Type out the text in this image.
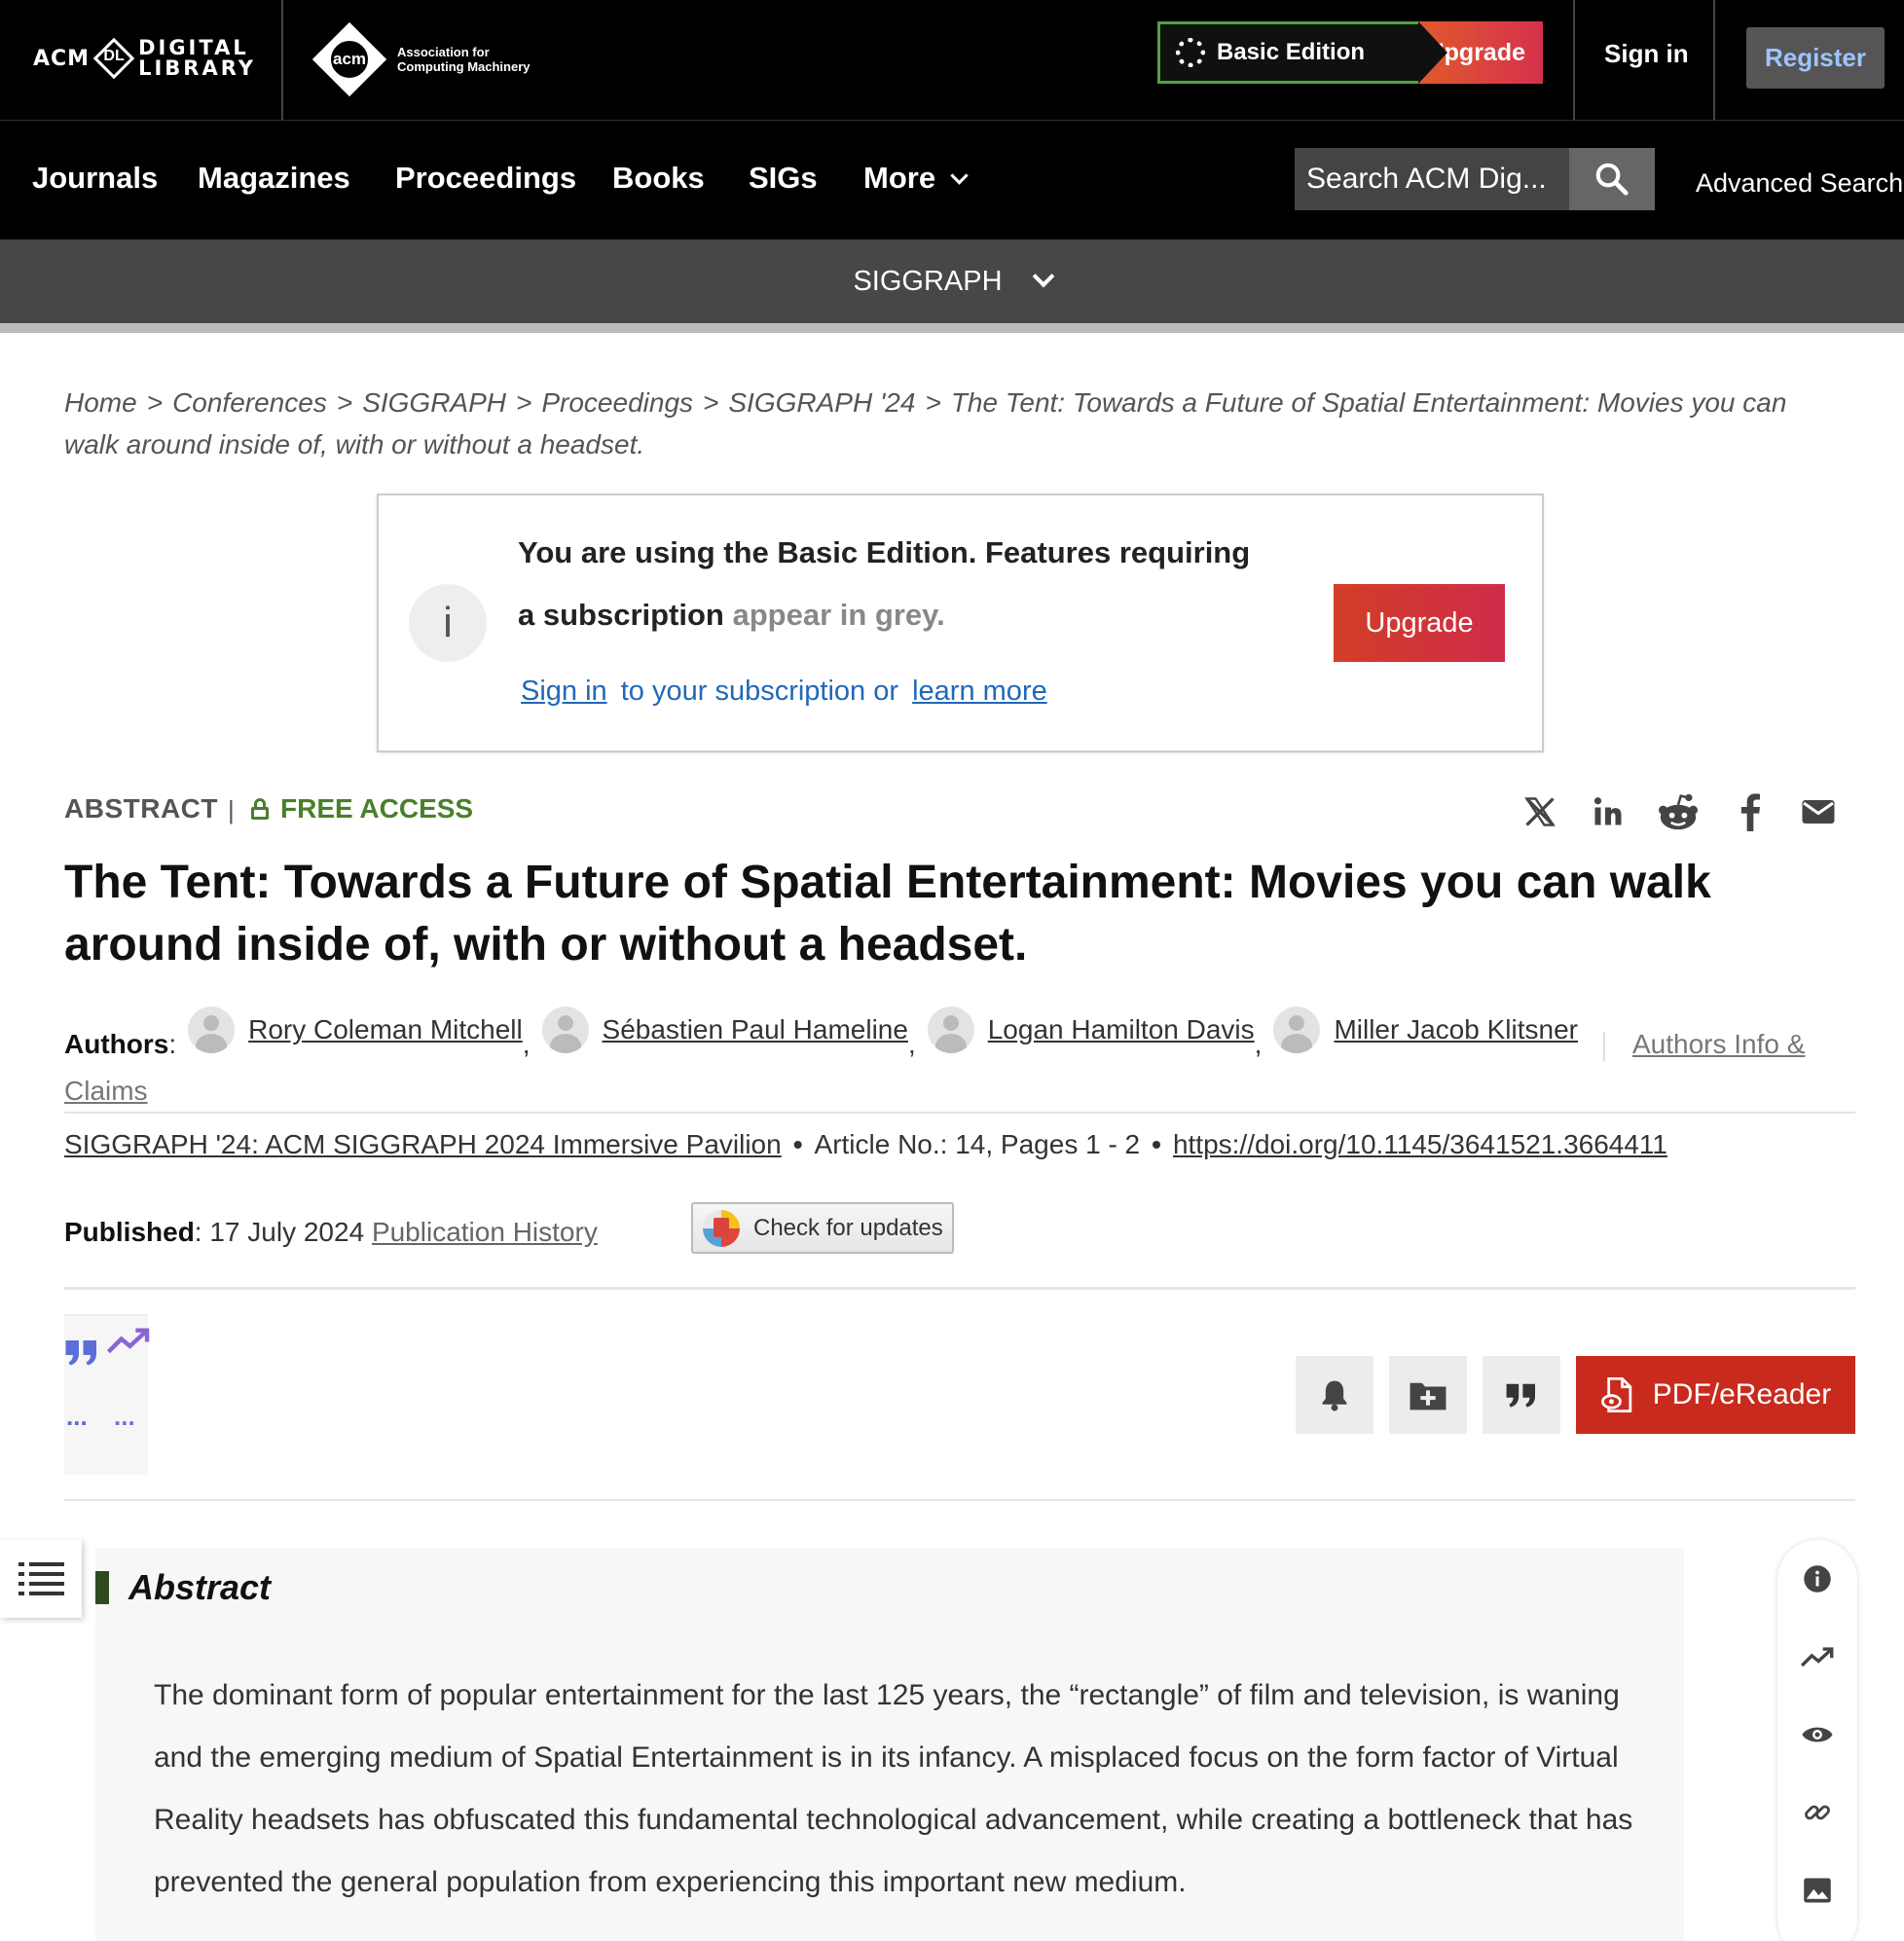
ACM DL DIGITAL
LIBRARY	acm	Association for
Computing Machinery
Basic Edition	Upgrade	Sign in	Register
Journals Magazines Proceedings Books SIGs More	Search ACM Dig...	Advanced Search
SIGGRAPH
Home > Conferences > SIGGRAPH > Proceedings > SIGGRAPH '24 > The Tent: Towards a Future of Spatial Entertainment: Movies you can walk around inside of, with or without a headset.
i
You are using the Basic Edition. Features requiring
a subscription appear in grey.
Sign in to your subscription or learn more
Upgrade
ABSTRACT | FREE ACCESS
The Tent: Towards a Future of Spatial Entertainment: Movies you can walk around inside of, with or without a headset.
Authors:	Rory Coleman Mitchell ,	Sébastien Paul Hameline ,	Logan Hamilton Davis ,	Miller Jacob Klitsner Authors Info & Claims
SIGGRAPH '24: ACM SIGGRAPH 2024 Immersive Pavilion • Article No.: 14, Pages 1 - 2 • https://doi.org/10.1145/3641521.3664411
Published: 17 July 2024 Publication History	Check for updates
... ...
PDF/eReader
Abstract
The dominant form of popular entertainment for the last 125 years, the “rectangle” of film and television, is waning and the emerging medium of Spatial Entertainment is in its infancy. A misplaced focus on the form factor of Virtual Reality headsets has obfuscated this fundamental technological advancement, while creating a bottleneck that has prevented the general population from experiencing this important new medium.
